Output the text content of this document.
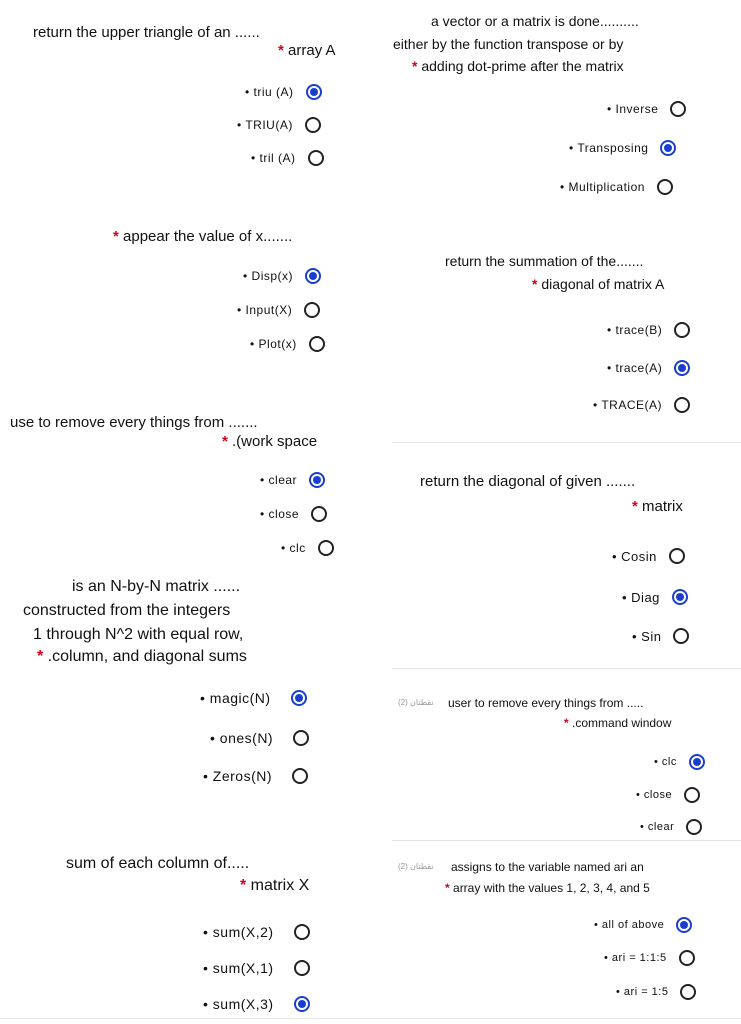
return the upper triangle of an ......
* array A
• triu (A)
• TRIU(A)
• tril (A)
* appear the value of x.......
• Disp(x)
• Input(X)
• Plot(x)
use to remove every things from .......
* .(work space
• clear
• close
• clc
is an N-by-N matrix ......
constructed from the integers
1 through N^2 with equal row,
* .column, and diagonal sums
• magic(N)
• ones(N)
• Zeros(N)
sum of each column of.....
* matrix X
• sum(X,2)
• sum(X,1)
• sum(X,3)
a vector or a matrix is done..........
either by the function transpose or by
* adding dot-prime after the matrix
• Inverse
• Transposing
• Multiplication
return the summation of the.......
* diagonal of matrix A
• trace(B)
• trace(A)
• TRACE(A)
return the diagonal of given .......
* matrix
• Cosin
• Diag
• Sin
(2) نقطتان user to remove every things from .....
* .command window
• clc
• close
• clear
(2) نقطتان assigns to the variable named ari an
* array with the values 1, 2, 3, 4, and 5
• all of above
• ari = 1:1:5
• ari = 1:5
